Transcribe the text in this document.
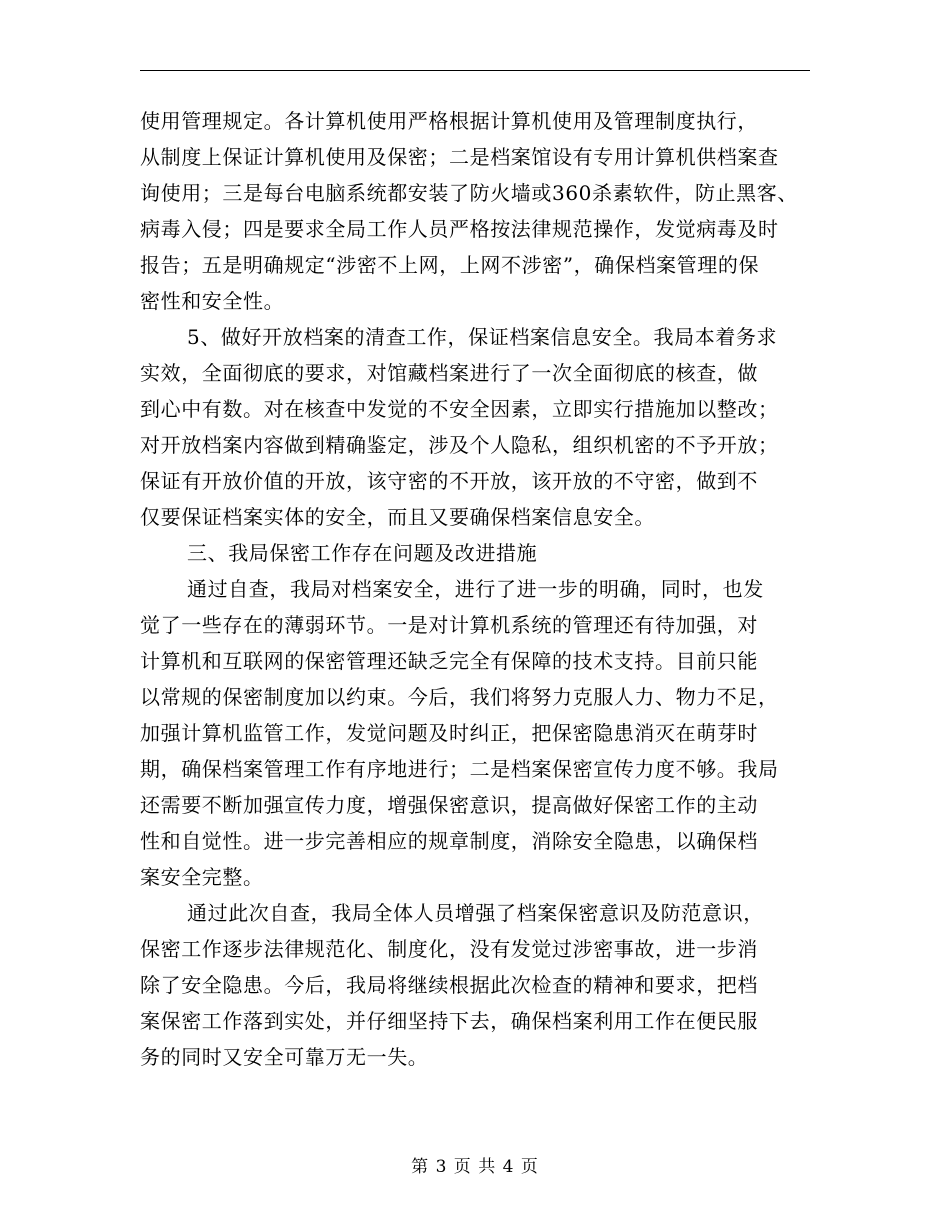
使用管理规定。各计算机使用严格根据计算机使用及管理制度执行，
从制度上保证计算机使用及保密；二是档案馆设有专用计算机供档案查
询使用；三是每台电脑系统都安装了防火墙或360杀素软件，防止黑客、
病毒入侵；四是要求全局工作人员严格按法律规范操作，发觉病毒及时
报告；五是明确规定“涉密不上网，上网不涉密”，确保档案管理的保
密性和安全性。
5、做好开放档案的清查工作，保证档案信息安全。我局本着务求
实效，全面彻底的要求，对馆藏档案进行了一次全面彻底的核查，做
到心中有数。对在核查中发觉的不安全因素，立即实行措施加以整改；
对开放档案内容做到精确鉴定，涉及个人隐私，组织机密的不予开放；
保证有开放价值的开放，该守密的不开放，该开放的不守密，做到不
仅要保证档案实体的安全，而且又要确保档案信息安全。
三、我局保密工作存在问题及改进措施
通过自查，我局对档案安全，进行了进一步的明确，同时，也发
觉了一些存在的薄弱环节。一是对计算机系统的管理还有待加强，对
计算机和互联网的保密管理还缺乏完全有保障的技术支持。目前只能
以常规的保密制度加以约束。今后，我们将努力克服人力、物力不足，
加强计算机监管工作，发觉问题及时纠正，把保密隐患消灭在萌芽时
期，确保档案管理工作有序地进行；二是档案保密宣传力度不够。我局
还需要不断加强宣传力度，增强保密意识，提高做好保密工作的主动
性和自觉性。进一步完善相应的规章制度，消除安全隐患，以确保档
案安全完整。
通过此次自查，我局全体人员增强了档案保密意识及防范意识，
保密工作逐步法律规范化、制度化，没有发觉过涉密事故，进一步消
除了安全隐患。今后，我局将继续根据此次检查的精神和要求，把档
案保密工作落到实处，并仔细坚持下去，确保档案利用工作在便民服
务的同时又安全可靠万无一失。
第 3 页 共 4 页
